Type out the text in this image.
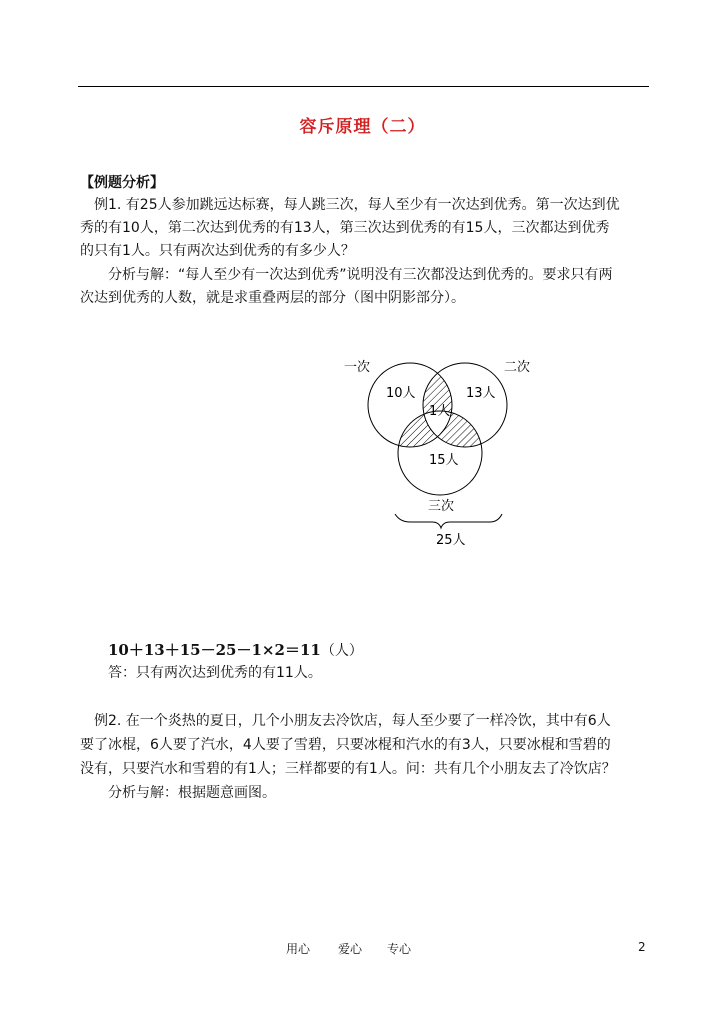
容斥原理（二）
【例题分析】
例1. 有25人参加跳远达标赛，每人跳三次，每人至少有一次达到优秀。第一次达到优
秀的有10人，第二次达到优秀的有13人，第三次达到优秀的有15人，三次都达到优秀
的只有1人。只有两次达到优秀的有多少人？
分析与解：“每人至少有一次达到优秀”说明没有三次都没达到优秀的。要求只有两
次达到优秀的人数，就是求重叠两层的部分（图中阴影部分）。
一次	二次
10人	13人
1人
15人
三次
25人
10＋13＋15－25－1×2＝11（人）
答：只有两次达到优秀的有11人。
例2. 在一个炎热的夏日，几个小朋友去冷饮店，每人至少要了一样冷饮，其中有6人
要了冰棍，6人要了汽水，4人要了雪碧，只要冰棍和汽水的有3人，只要冰棍和雪碧的
没有，只要汽水和雪碧的有1人；三样都要的有1人。问：共有几个小朋友去了冷饮店？
分析与解：根据题意画图。
用心 爱心 专心	2
